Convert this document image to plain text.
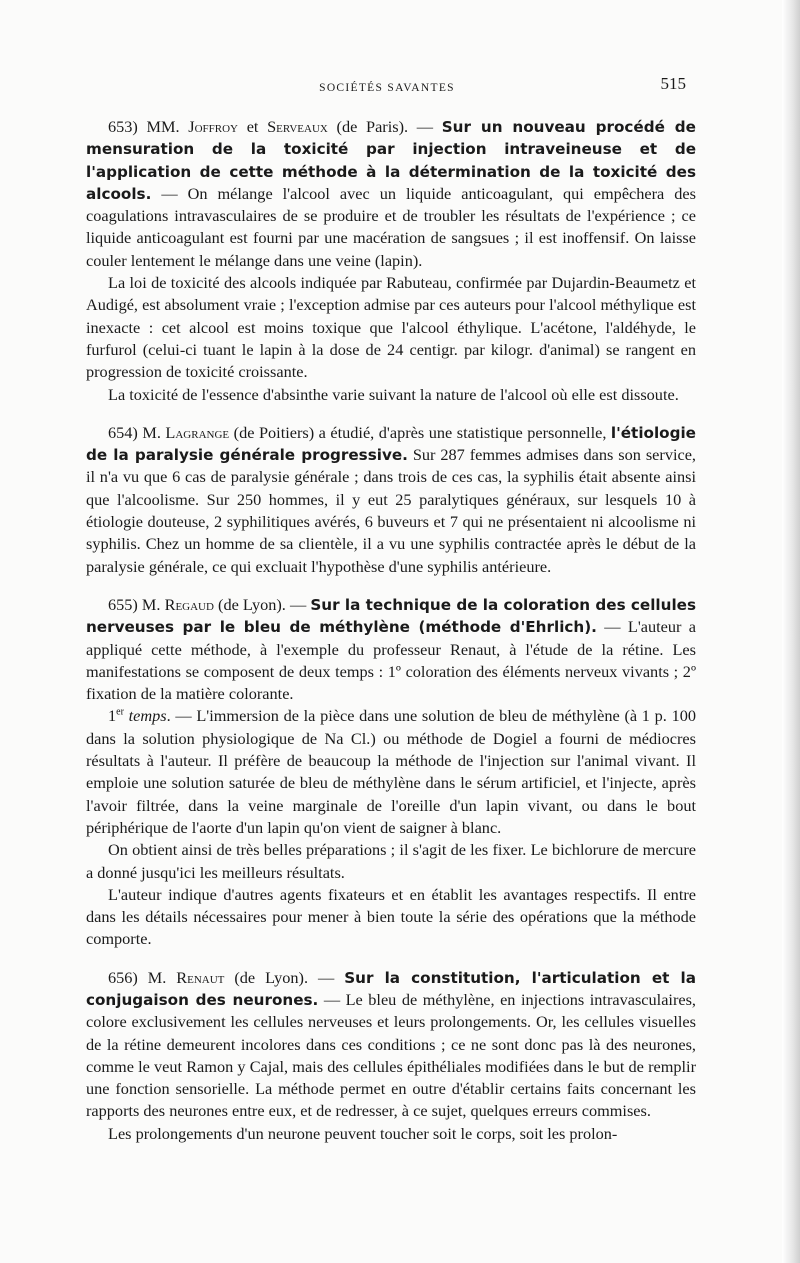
SOCIÉTÉS SAVANTES	515

653) MM. Joffroy et Serveaux (de Paris). — Sur un nouveau procédé de mensuration de la toxicité par injection intraveineuse et de l'application de cette méthode à la détermination de la toxicité des alcools. — On mélange l'alcool avec un liquide anticoagulant, qui empêchera des coagulations intravasculaires de se produire et de troubler les résultats de l'expérience ; ce liquide anticoagulant est fourni par une macération de sangsues ; il est inoffensif. On laisse couler lentement le mélange dans une veine (lapin).

La loi de toxicité des alcools indiquée par Rabuteau, confirmée par Dujardin-Beaumetz et Audigé, est absolument vraie ; l'exception admise par ces auteurs pour l'alcool méthylique est inexacte : cet alcool est moins toxique que l'alcool éthylique. L'acétone, l'aldéhyde, le furfurol (celui-ci tuant le lapin à la dose de 24 centigr. par kilogr. d'animal) se rangent en progression de toxicité croissante.

La toxicité de l'essence d'absinthe varie suivant la nature de l'alcool où elle est dissoute.

654) M. Lagrange (de Poitiers) a étudié, d'après une statistique personnelle, l'étiologie de la paralysie générale progressive. Sur 287 femmes admises dans son service, il n'a vu que 6 cas de paralysie générale ; dans trois de ces cas, la syphilis était absente ainsi que l'alcoolisme. Sur 250 hommes, il y eut 25 paralytiques généraux, sur lesquels 10 à étiologie douteuse, 2 syphilitiques avérés, 6 buveurs et 7 qui ne présentaient ni alcoolisme ni syphilis. Chez un homme de sa clientèle, il a vu une syphilis contractée après le début de la paralysie générale, ce qui excluait l'hypothèse d'une syphilis antérieure.

655) M. Regaud (de Lyon). — Sur la technique de la coloration des cellules nerveuses par le bleu de méthylène (méthode d'Ehrlich). — L'auteur a appliqué cette méthode, à l'exemple du professeur Renaut, à l'étude de la rétine. Les manifestations se composent de deux temps : 1º coloration des éléments nerveux vivants ; 2º fixation de la matière colorante.

1er temps. — L'immersion de la pièce dans une solution de bleu de méthylène (à 1 p. 100 dans la solution physiologique de Na Cl.) ou méthode de Dogiel a fourni de médiocres résultats à l'auteur. Il préfère de beaucoup la méthode de l'injection sur l'animal vivant. Il emploie une solution saturée de bleu de méthylène dans le sérum artificiel, et l'injecte, après l'avoir filtrée, dans la veine marginale de l'oreille d'un lapin vivant, ou dans le bout périphérique de l'aorte d'un lapin qu'on vient de saigner à blanc.

On obtient ainsi de très belles préparations ; il s'agit de les fixer. Le bichlorure de mercure a donné jusqu'ici les meilleurs résultats.

L'auteur indique d'autres agents fixateurs et en établit les avantages respectifs. Il entre dans les détails nécessaires pour mener à bien toute la série des opérations que la méthode comporte.

656) M. Renaut (de Lyon). — Sur la constitution, l'articulation et la conjugaison des neurones. — Le bleu de méthylène, en injections intravasculaires, colore exclusivement les cellules nerveuses et leurs prolongements. Or, les cellules visuelles de la rétine demeurent incolores dans ces conditions ; ce ne sont donc pas là des neurones, comme le veut Ramon y Cajal, mais des cellules épithéliales modifiées dans le but de remplir une fonction sensorielle. La méthode permet en outre d'établir certains faits concernant les rapports des neurones entre eux, et de redresser, à ce sujet, quelques erreurs commises.

Les prolongements d'un neurone peuvent toucher soit le corps, soit les prolon-
